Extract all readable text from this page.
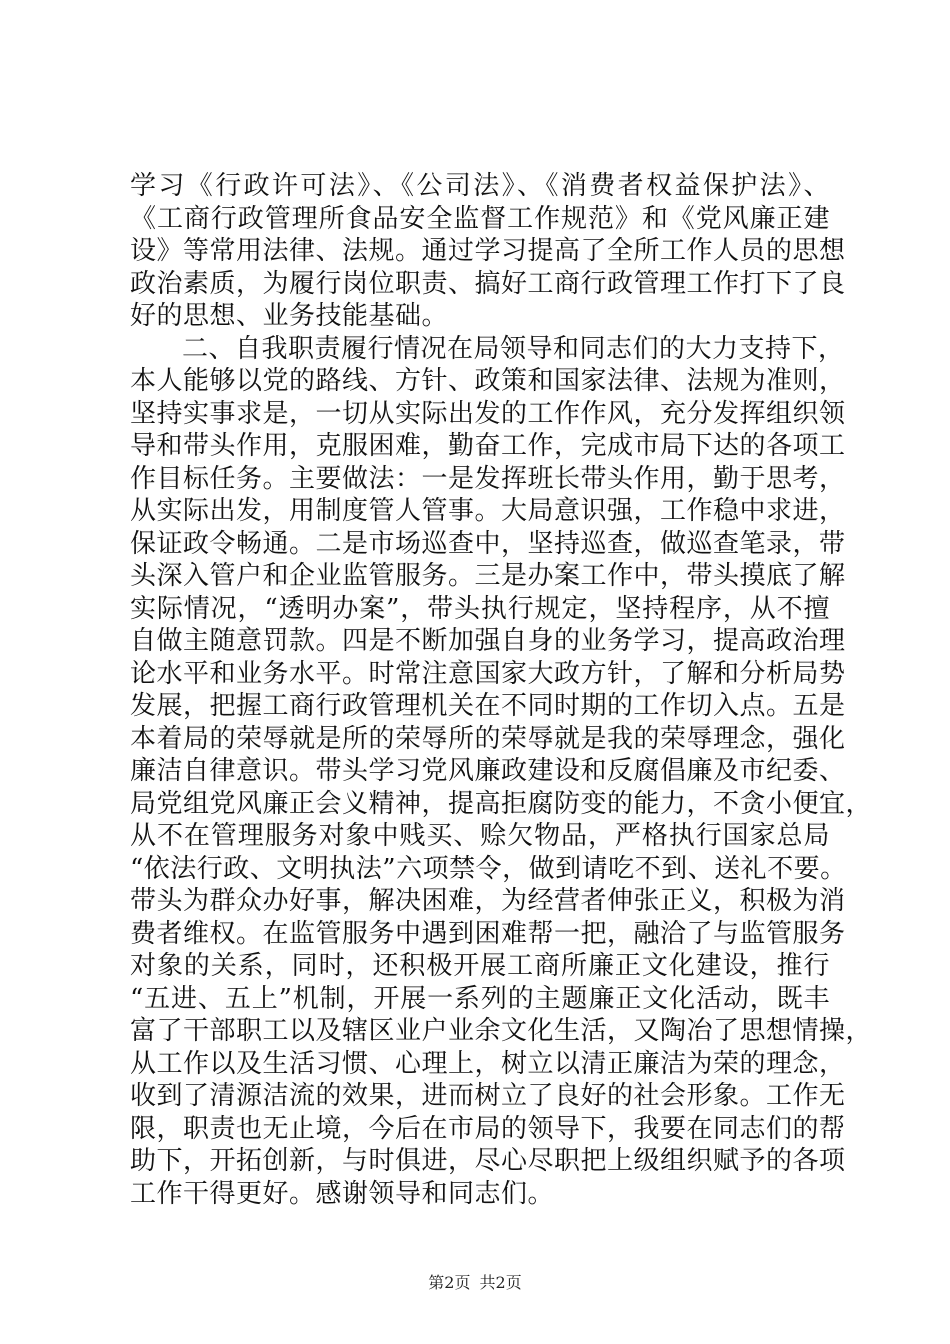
学习《行政许可法》、《公司法》、《消费者权益保护法》、
《工商行政管理所食品安全监督工作规范》和《党风廉正建
设》等常用法律、法规。通过学习提高了全所工作人员的思想
政治素质，为履行岗位职责、搞好工商行政管理工作打下了良
好的思想、业务技能基础。
二、自我职责履行情况在局领导和同志们的大力支持下，
本人能够以党的路线、方针、政策和国家法律、法规为准则，
坚持实事求是，一切从实际出发的工作作风，充分发挥组织领
导和带头作用，克服困难，勤奋工作，完成市局下达的各项工
作目标任务。主要做法：一是发挥班长带头作用，勤于思考，
从实际出发，用制度管人管事。大局意识强，工作稳中求进，
保证政令畅通。二是市场巡查中，坚持巡查，做巡查笔录，带
头深入管户和企业监管服务。三是办案工作中，带头摸底了解
实际情况，“透明办案”，带头执行规定，坚持程序，从不擅
自做主随意罚款。四是不断加强自身的业务学习，提高政治理
论水平和业务水平。时常注意国家大政方针，了解和分析局势
发展，把握工商行政管理机关在不同时期的工作切入点。五是
本着局的荣辱就是所的荣辱所的荣辱就是我的荣辱理念，强化
廉洁自律意识。带头学习党风廉政建设和反腐倡廉及市纪委、
局党组党风廉正会义精神，提高拒腐防变的能力，不贪小便宜，
从不在管理服务对象中贱买、赊欠物品，严格执行国家总局
“依法行政、文明执法”六项禁令，做到请吃不到、送礼不要。
带头为群众办好事，解决困难，为经营者伸张正义，积极为消
费者维权。在监管服务中遇到困难帮一把，融洽了与监管服务
对象的关系，同时，还积极开展工商所廉正文化建设，推行
“五进、五上”机制，开展一系列的主题廉正文化活动，既丰
富了干部职工以及辖区业户业余文化生活，又陶冶了思想情操，
从工作以及生活习惯、心理上，树立以清正廉洁为荣的理念，
收到了清源洁流的效果，进而树立了良好的社会形象。工作无
限，职责也无止境，今后在市局的领导下，我要在同志们的帮
助下，开拓创新，与时俱进，尽心尽职把上级组织赋予的各项
工作干得更好。感谢领导和同志们。
第2页 共2页
